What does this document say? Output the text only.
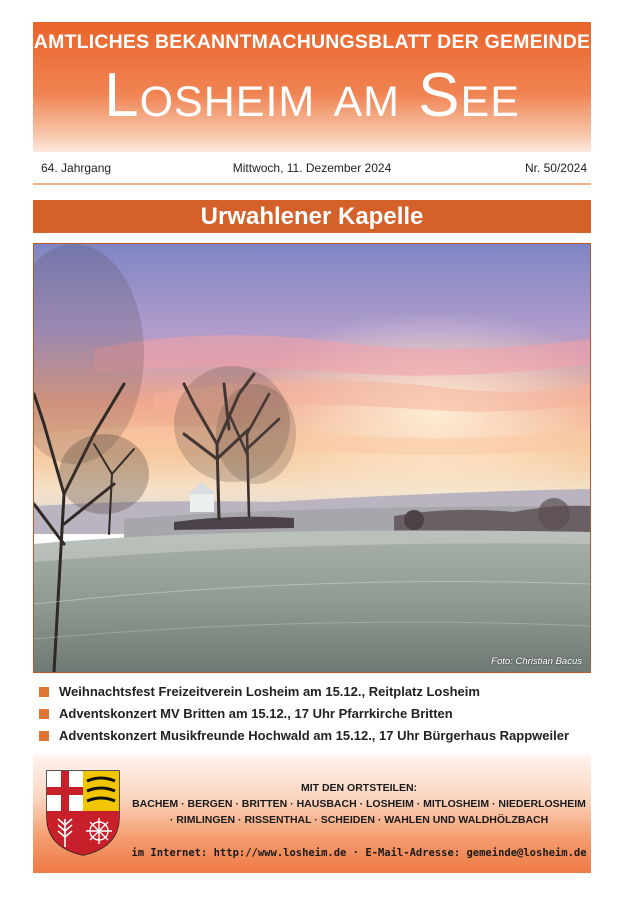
AMTLICHES BEKANNTMACHUNGSBLATT DER GEMEINDE
Losheim am See
64. Jahrgang	Mittwoch, 11. Dezember 2024	Nr. 50/2024
Urwahlener Kapelle
Foto: Christian Bacus
Weihnachtsfest Freizeitverein Losheim am 15.12., Reitplatz Losheim
Adventskonzert MV Britten am 15.12., 17 Uhr Pfarrkirche Britten
Adventskonzert Musikfreunde Hochwald am 15.12., 17 Uhr Bürgerhaus Rappweiler
MIT DEN ORTSTEILEN:
BACHEM · BERGEN · BRITTEN · HAUSBACH · LOSHEIM · MITLOSHEIM · NIEDERLOSHEIM
· RIMLINGEN · RISSENTHAL · SCHEIDEN · WAHLEN UND WALDHÖLZBACH
im Internet: http://www.losheim.de · E-Mail-Adresse: gemeinde@losheim.de
